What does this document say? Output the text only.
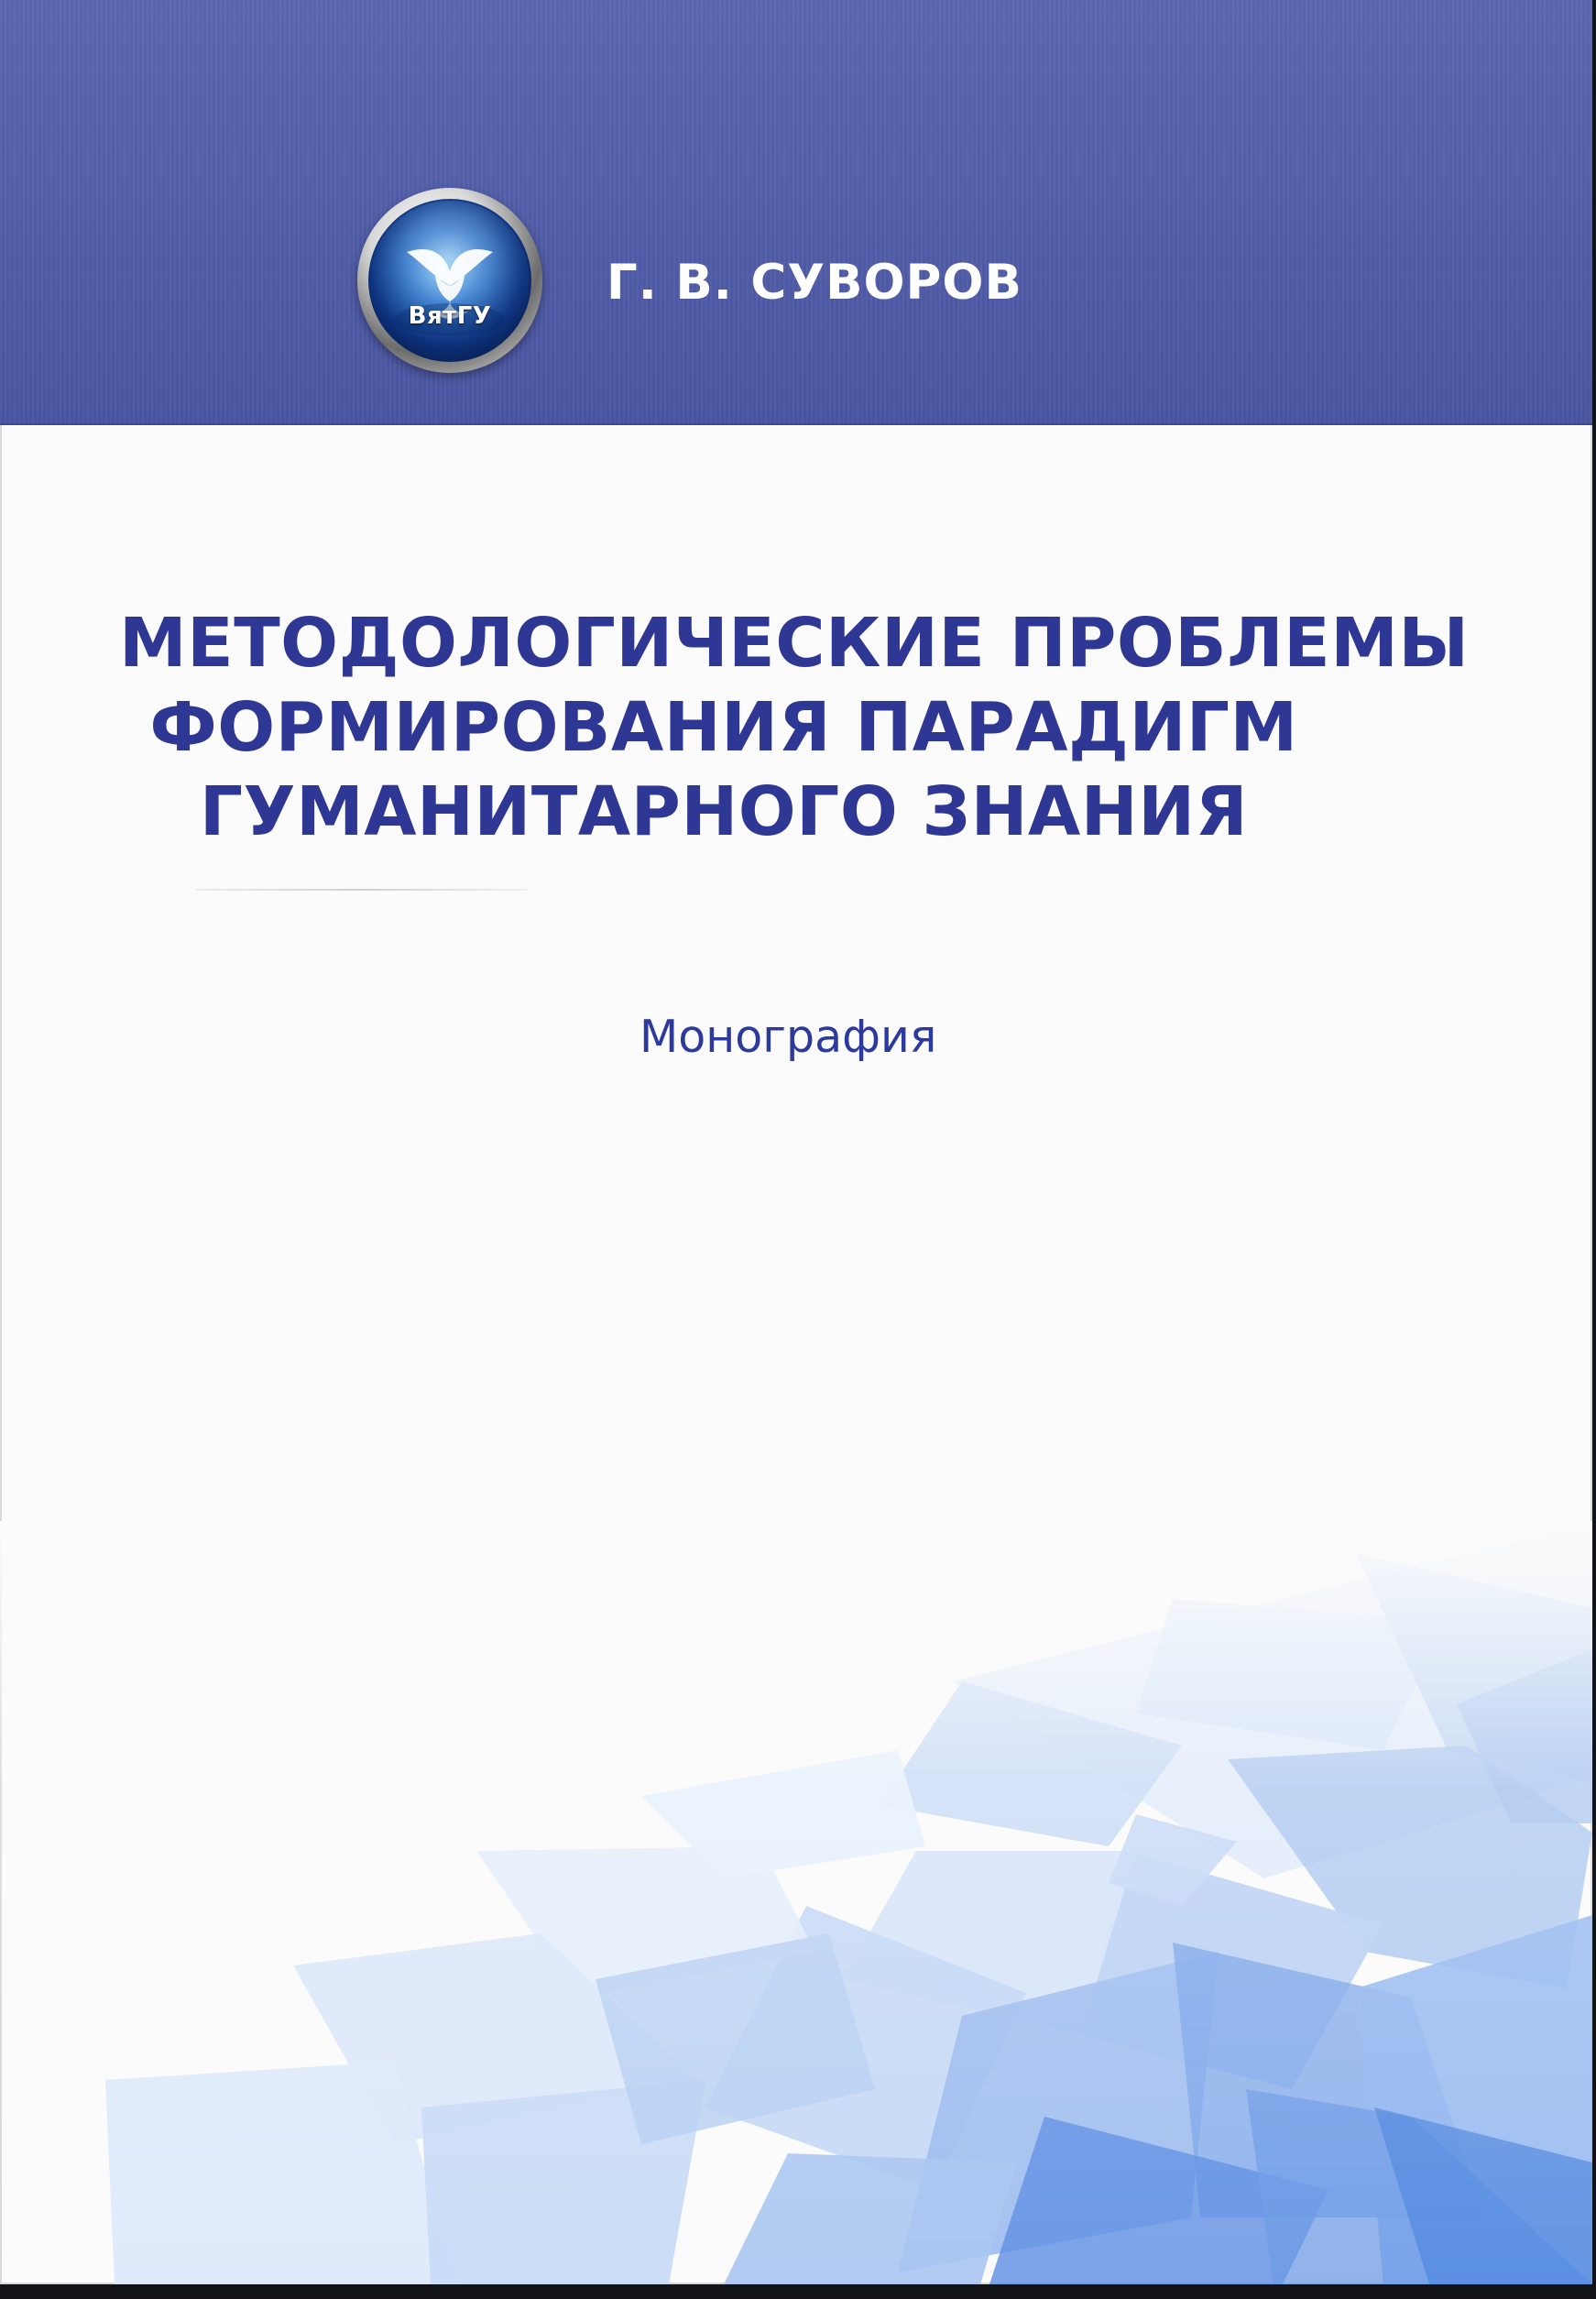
ВятГУ
Г. В. СУВОРОВ
МЕТОДОЛОГИЧЕСКИЕ ПРОБЛЕМЫ
ФОРМИРОВАНИЯ ПАРАДИГМ
ГУМАНИТАРНОГО ЗНАНИЯ
Монография
